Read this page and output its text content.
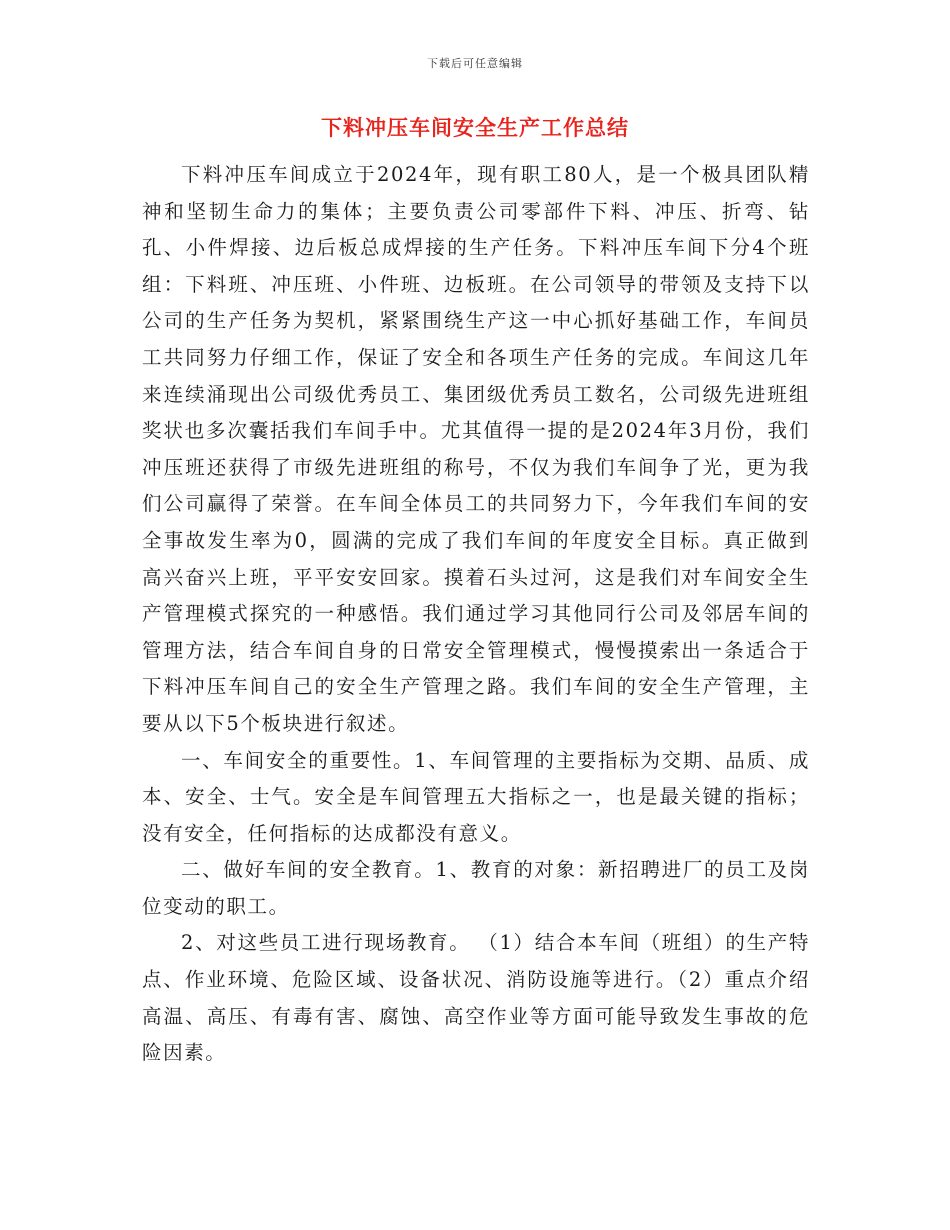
下载后可任意编辑
下料冲压车间安全生产工作总结

下料冲压车间成立于2024年，现有职工80人，是一个极具团队精神和坚韧生命力的集体；主要负责公司零部件下料、冲压、折弯、钻孔、小件焊接、边后板总成焊接的生产任务。下料冲压车间下分4个班组：下料班、冲压班、小件班、边板班。在公司领导的带领及支持下以公司的生产任务为契机，紧紧围绕生产这一中心抓好基础工作，车间员工共同努力仔细工作，保证了安全和各项生产任务的完成。车间这几年来连续涌现出公司级优秀员工、集团级优秀员工数名，公司级先进班组奖状也多次囊括我们车间手中。尤其值得一提的是2024年3月份，我们冲压班还获得了市级先进班组的称号，不仅为我们车间争了光，更为我们公司赢得了荣誉。在车间全体员工的共同努力下，今年我们车间的安全事故发生率为0，圆满的完成了我们车间的年度安全目标。真正做到高兴奋兴上班，平平安安回家。摸着石头过河，这是我们对车间安全生产管理模式探究的一种感悟。我们通过学习其他同行公司及邻居车间的管理方法，结合车间自身的日常安全管理模式，慢慢摸索出一条适合于下料冲压车间自己的安全生产管理之路。我们车间的安全生产管理，主要从以下5个板块进行叙述。

一、车间安全的重要性。1、车间管理的主要指标为交期、品质、成本、安全、士气。安全是车间管理五大指标之一，也是最关键的指标；没有安全，任何指标的达成都没有意义。

二、做好车间的安全教育。1、教育的对象：新招聘进厂的员工及岗位变动的职工。

2、对这些员工进行现场教育。 （1）结合本车间（班组）的生产特点、作业环境、危险区域、设备状况、消防设施等进行。（2）重点介绍高温、高压、有毒有害、腐蚀、高空作业等方面可能导致发生事故的危险因素。
